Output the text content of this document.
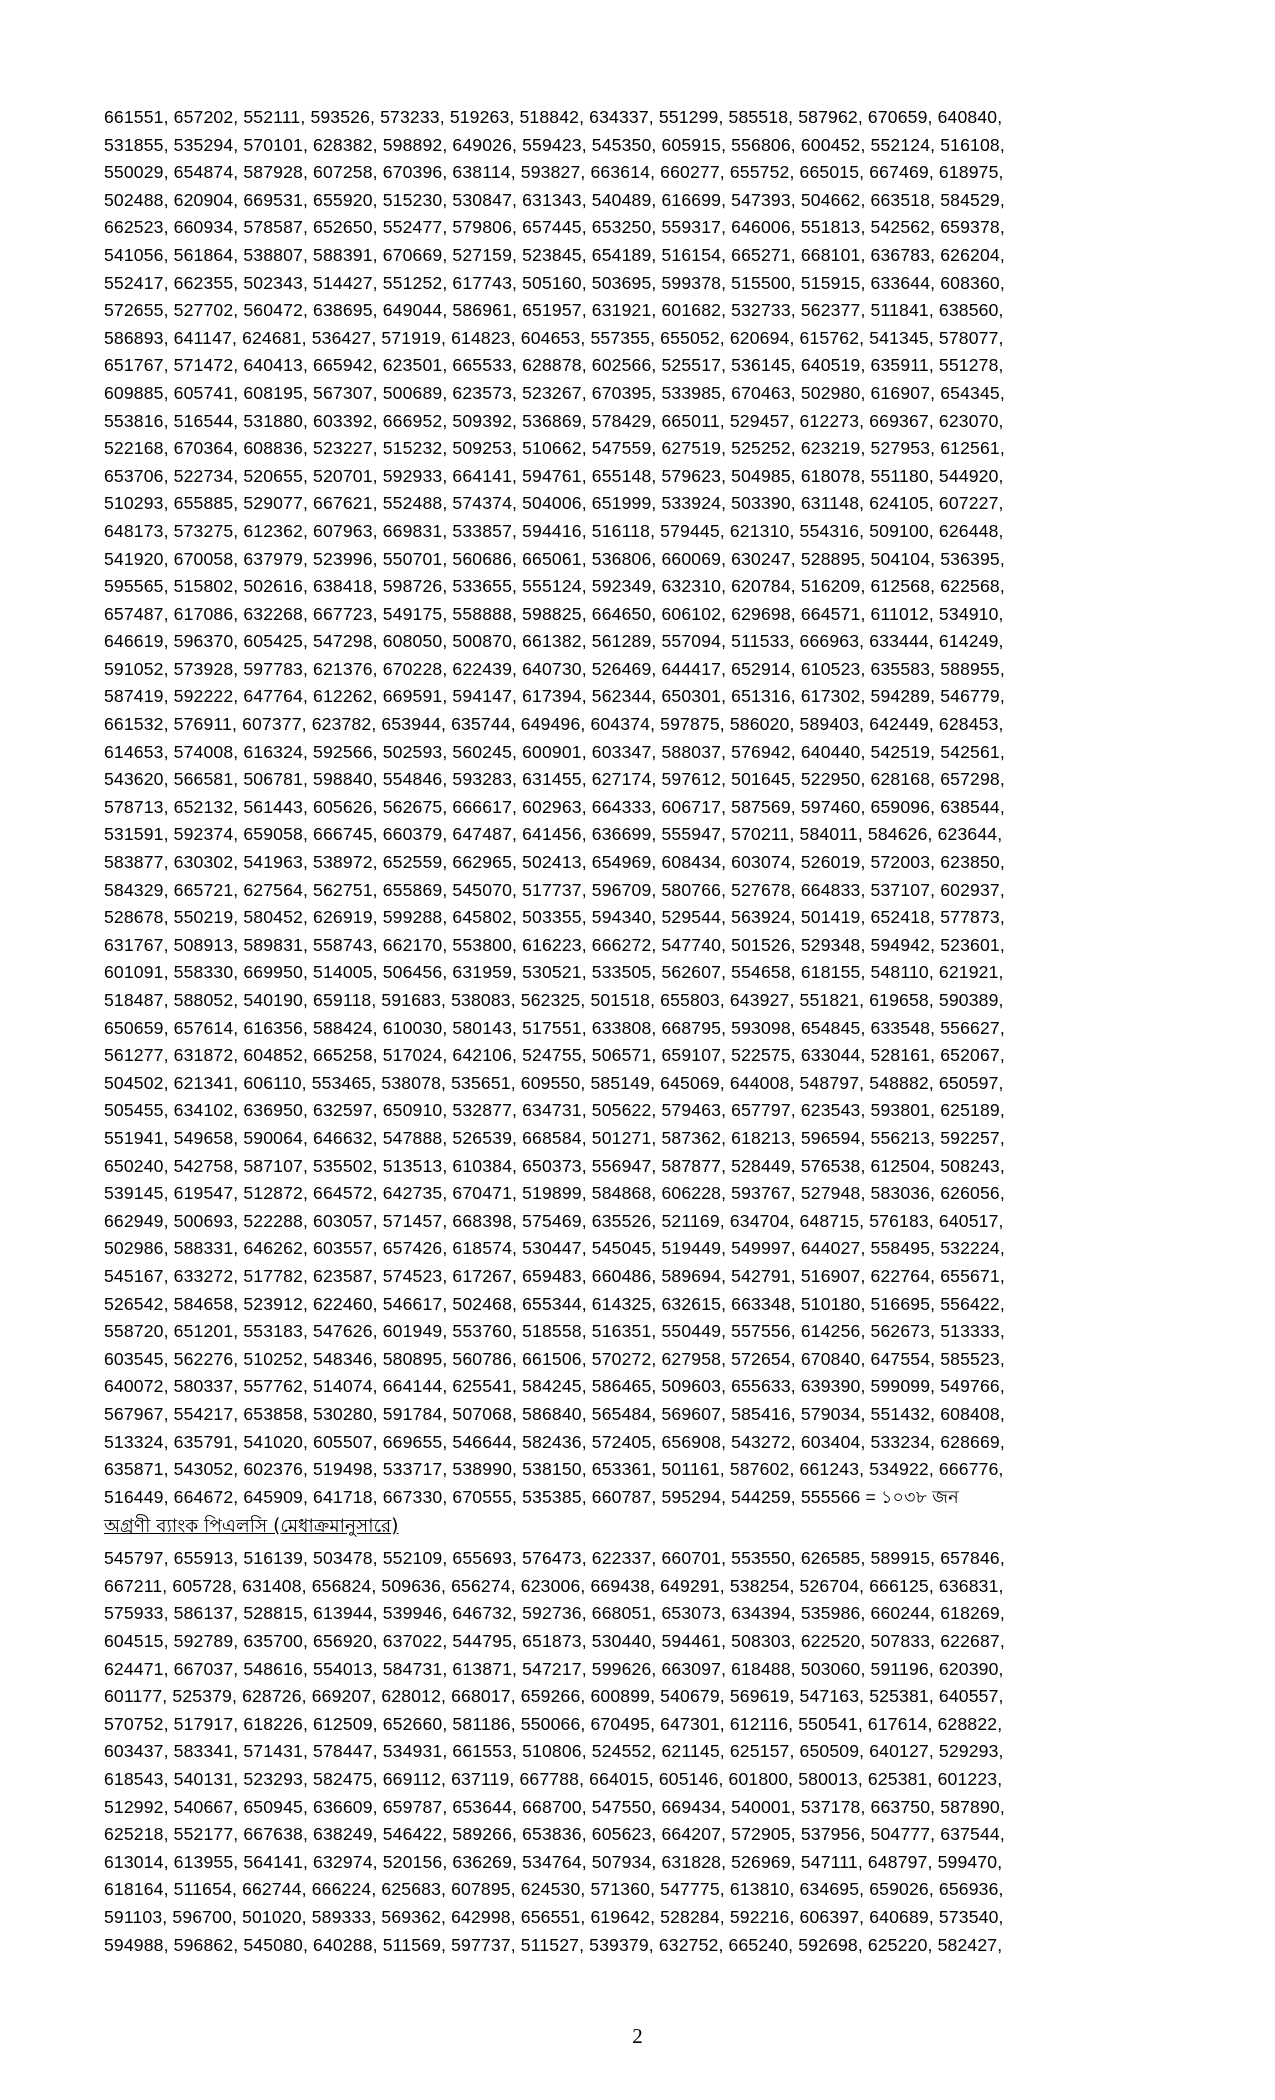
661551, 657202, 552111, 593526, 573233, 519263, 518842, 634337, 551299, 585518, 587962, 670659, 640840,
531855, 535294, 570101, 628382, 598892, 649026, 559423, 545350, 605915, 556806, 600452, 552124, 516108,
550029, 654874, 587928, 607258, 670396, 638114, 593827, 663614, 660277, 655752, 665015, 667469, 618975,
502488, 620904, 669531, 655920, 515230, 530847, 631343, 540489, 616699, 547393, 504662, 663518, 584529,
662523, 660934, 578587, 652650, 552477, 579806, 657445, 653250, 559317, 646006, 551813, 542562, 659378,
541056, 561864, 538807, 588391, 670669, 527159, 523845, 654189, 516154, 665271, 668101, 636783, 626204,
552417, 662355, 502343, 514427, 551252, 617743, 505160, 503695, 599378, 515500, 515915, 633644, 608360,
572655, 527702, 560472, 638695, 649044, 586961, 651957, 631921, 601682, 532733, 562377, 511841, 638560,
586893, 641147, 624681, 536427, 571919, 614823, 604653, 557355, 655052, 620694, 615762, 541345, 578077,
651767, 571472, 640413, 665942, 623501, 665533, 628878, 602566, 525517, 536145, 640519, 635911, 551278,
609885, 605741, 608195, 567307, 500689, 623573, 523267, 670395, 533985, 670463, 502980, 616907, 654345,
553816, 516544, 531880, 603392, 666952, 509392, 536869, 578429, 665011, 529457, 612273, 669367, 623070,
522168, 670364, 608836, 523227, 515232, 509253, 510662, 547559, 627519, 525252, 623219, 527953, 612561,
653706, 522734, 520655, 520701, 592933, 664141, 594761, 655148, 579623, 504985, 618078, 551180, 544920,
510293, 655885, 529077, 667621, 552488, 574374, 504006, 651999, 533924, 503390, 631148, 624105, 607227,
648173, 573275, 612362, 607963, 669831, 533857, 594416, 516118, 579445, 621310, 554316, 509100, 626448,
541920, 670058, 637979, 523996, 550701, 560686, 665061, 536806, 660069, 630247, 528895, 504104, 536395,
595565, 515802, 502616, 638418, 598726, 533655, 555124, 592349, 632310, 620784, 516209, 612568, 622568,
657487, 617086, 632268, 667723, 549175, 558888, 598825, 664650, 606102, 629698, 664571, 611012, 534910,
646619, 596370, 605425, 547298, 608050, 500870, 661382, 561289, 557094, 511533, 666963, 633444, 614249,
591052, 573928, 597783, 621376, 670228, 622439, 640730, 526469, 644417, 652914, 610523, 635583, 588955,
587419, 592222, 647764, 612262, 669591, 594147, 617394, 562344, 650301, 651316, 617302, 594289, 546779,
661532, 576911, 607377, 623782, 653944, 635744, 649496, 604374, 597875, 586020, 589403, 642449, 628453,
614653, 574008, 616324, 592566, 502593, 560245, 600901, 603347, 588037, 576942, 640440, 542519, 542561,
543620, 566581, 506781, 598840, 554846, 593283, 631455, 627174, 597612, 501645, 522950, 628168, 657298,
578713, 652132, 561443, 605626, 562675, 666617, 602963, 664333, 606717, 587569, 597460, 659096, 638544,
531591, 592374, 659058, 666745, 660379, 647487, 641456, 636699, 555947, 570211, 584011, 584626, 623644,
583877, 630302, 541963, 538972, 652559, 662965, 502413, 654969, 608434, 603074, 526019, 572003, 623850,
584329, 665721, 627564, 562751, 655869, 545070, 517737, 596709, 580766, 527678, 664833, 537107, 602937,
528678, 550219, 580452, 626919, 599288, 645802, 503355, 594340, 529544, 563924, 501419, 652418, 577873,
631767, 508913, 589831, 558743, 662170, 553800, 616223, 666272, 547740, 501526, 529348, 594942, 523601,
601091, 558330, 669950, 514005, 506456, 631959, 530521, 533505, 562607, 554658, 618155, 548110, 621921,
518487, 588052, 540190, 659118, 591683, 538083, 562325, 501518, 655803, 643927, 551821, 619658, 590389,
650659, 657614, 616356, 588424, 610030, 580143, 517551, 633808, 668795, 593098, 654845, 633548, 556627,
561277, 631872, 604852, 665258, 517024, 642106, 524755, 506571, 659107, 522575, 633044, 528161, 652067,
504502, 621341, 606110, 553465, 538078, 535651, 609550, 585149, 645069, 644008, 548797, 548882, 650597,
505455, 634102, 636950, 632597, 650910, 532877, 634731, 505622, 579463, 657797, 623543, 593801, 625189,
551941, 549658, 590064, 646632, 547888, 526539, 668584, 501271, 587362, 618213, 596594, 556213, 592257,
650240, 542758, 587107, 535502, 513513, 610384, 650373, 556947, 587877, 528449, 576538, 612504, 508243,
539145, 619547, 512872, 664572, 642735, 670471, 519899, 584868, 606228, 593767, 527948, 583036, 626056,
662949, 500693, 522288, 603057, 571457, 668398, 575469, 635526, 521169, 634704, 648715, 576183, 640517,
502986, 588331, 646262, 603557, 657426, 618574, 530447, 545045, 519449, 549997, 644027, 558495, 532224,
545167, 633272, 517782, 623587, 574523, 617267, 659483, 660486, 589694, 542791, 516907, 622764, 655671,
526542, 584658, 523912, 622460, 546617, 502468, 655344, 614325, 632615, 663348, 510180, 516695, 556422,
558720, 651201, 553183, 547626, 601949, 553760, 518558, 516351, 550449, 557556, 614256, 562673, 513333,
603545, 562276, 510252, 548346, 580895, 560786, 661506, 570272, 627958, 572654, 670840, 647554, 585523,
640072, 580337, 557762, 514074, 664144, 625541, 584245, 586465, 509603, 655633, 639390, 599099, 549766,
567967, 554217, 653858, 530280, 591784, 507068, 586840, 565484, 569607, 585416, 579034, 551432, 608408,
513324, 635791, 541020, 605507, 669655, 546644, 582436, 572405, 656908, 543272, 603404, 533234, 628669,
635871, 543052, 602376, 519498, 533717, 538990, 538150, 653361, 501161, 587602, 661243, 534922, 666776,
516449, 664672, 645909, 641718, 667330, 670555, 535385, 660787, 595294, 544259, 555566 = ১০৩৮ জন
অগ্রণী ব্যাংক পিএলসি (মেধাক্রমানুসারে)
545797, 655913, 516139, 503478, 552109, 655693, 576473, 622337, 660701, 553550, 626585, 589915, 657846,
667211, 605728, 631408, 656824, 509636, 656274, 623006, 669438, 649291, 538254, 526704, 666125, 636831,
575933, 586137, 528815, 613944, 539946, 646732, 592736, 668051, 653073, 634394, 535986, 660244, 618269,
604515, 592789, 635700, 656920, 637022, 544795, 651873, 530440, 594461, 508303, 622520, 507833, 622687,
624471, 667037, 548616, 554013, 584731, 613871, 547217, 599626, 663097, 618488, 503060, 591196, 620390,
601177, 525379, 628726, 669207, 628012, 668017, 659266, 600899, 540679, 569619, 547163, 525381, 640557,
570752, 517917, 618226, 612509, 652660, 581186, 550066, 670495, 647301, 612116, 550541, 617614, 628822,
603437, 583341, 571431, 578447, 534931, 661553, 510806, 524552, 621145, 625157, 650509, 640127, 529293,
618543, 540131, 523293, 582475, 669112, 637119, 667788, 664015, 605146, 601800, 580013, 625381, 601223,
512992, 540667, 650945, 636609, 659787, 653644, 668700, 547550, 669434, 540001, 537178, 663750, 587890,
625218, 552177, 667638, 638249, 546422, 589266, 653836, 605623, 664207, 572905, 537956, 504777, 637544,
613014, 613955, 564141, 632974, 520156, 636269, 534764, 507934, 631828, 526969, 547111, 648797, 599470,
618164, 511654, 662744, 666224, 625683, 607895, 624530, 571360, 547775, 613810, 634695, 659026, 656936,
591103, 596700, 501020, 589333, 569362, 642998, 656551, 619642, 528284, 592216, 606397, 640689, 573540,
594988, 596862, 545080, 640288, 511569, 597737, 511527, 539379, 632752, 665240, 592698, 625220, 582427,
2
